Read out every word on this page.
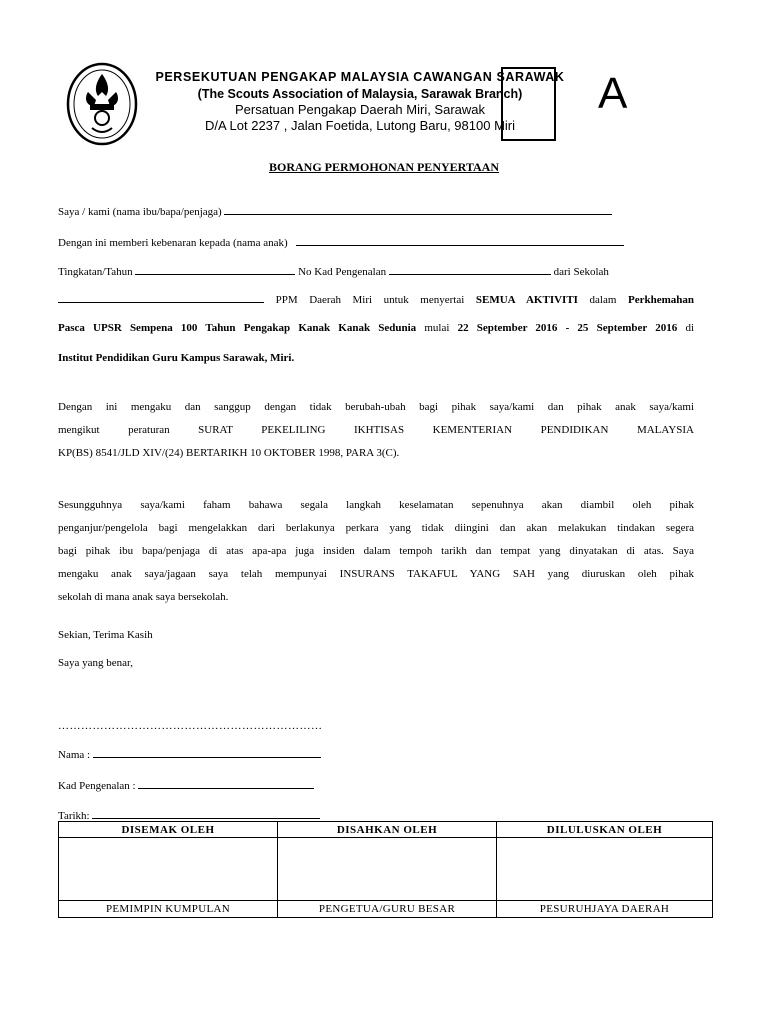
PERSEKUTUAN PENGAKAP MALAYSIA CAWANGAN SARAWAK
(The Scouts Association of Malaysia, Sarawak Branch)
Persatuan Pengakap Daerah Miri, Sarawak
D/A Lot 2237 , Jalan Foetida, Lutong Baru, 98100 Miri
A
BORANG PERMOHONAN PENYERTAAN
Saya / kami (nama ibu/bapa/penjaga)
Dengan ini memberi kebenaran kepada (nama anak)
Tingkatan/Tahun	No Kad Pengenalan	dari Sekolah
PPM Daerah Miri untuk menyertai SEMUA AKTIVITI dalam Perkhemahan
Pasca UPSR Sempena 100 Tahun Pengakap Kanak Kanak Sedunia mulai 22 September 2016 - 25 September 2016 di
Institut Pendidikan Guru Kampus Sarawak, Miri.
Dengan ini mengaku dan sanggup dengan tidak berubah-ubah bagi pihak saya/kami dan pihak anak saya/kami
mengikut peraturan SURAT PEKELILING IKHTISAS KEMENTERIAN PENDIDIKAN MALAYSIA
KP(BS) 8541/JLD XIV/(24) BERTARIKH 10 OKTOBER 1998, PARA 3(C).
Sesungguhnya saya/kami faham bahawa segala langkah keselamatan sepenuhnya akan diambil oleh pihak
penganjur/pengelola bagi mengelakkan dari berlakunya perkara yang tidak diingini dan akan melakukan tindakan segera
bagi pihak ibu bapa/penjaga di atas apa-apa juga insiden dalam tempoh tarikh dan tempat yang dinyatakan di atas. Saya
mengaku anak saya/jagaan saya telah mempunyai INSURANS TAKAFUL YANG SAH yang diuruskan oleh pihak
sekolah di mana anak saya bersekolah.
Sekian, Terima Kasih
Saya yang benar,
……………………………………………………………
Nama :
Kad Pengenalan :
Tarikh:
DISEMAK OLEH	DISAHKAN OLEH	DILULUSKAN OLEH

PEMIMPIN KUMPULAN	PENGETUA/GURU BESAR	PESURUHJAYA DAERAH
